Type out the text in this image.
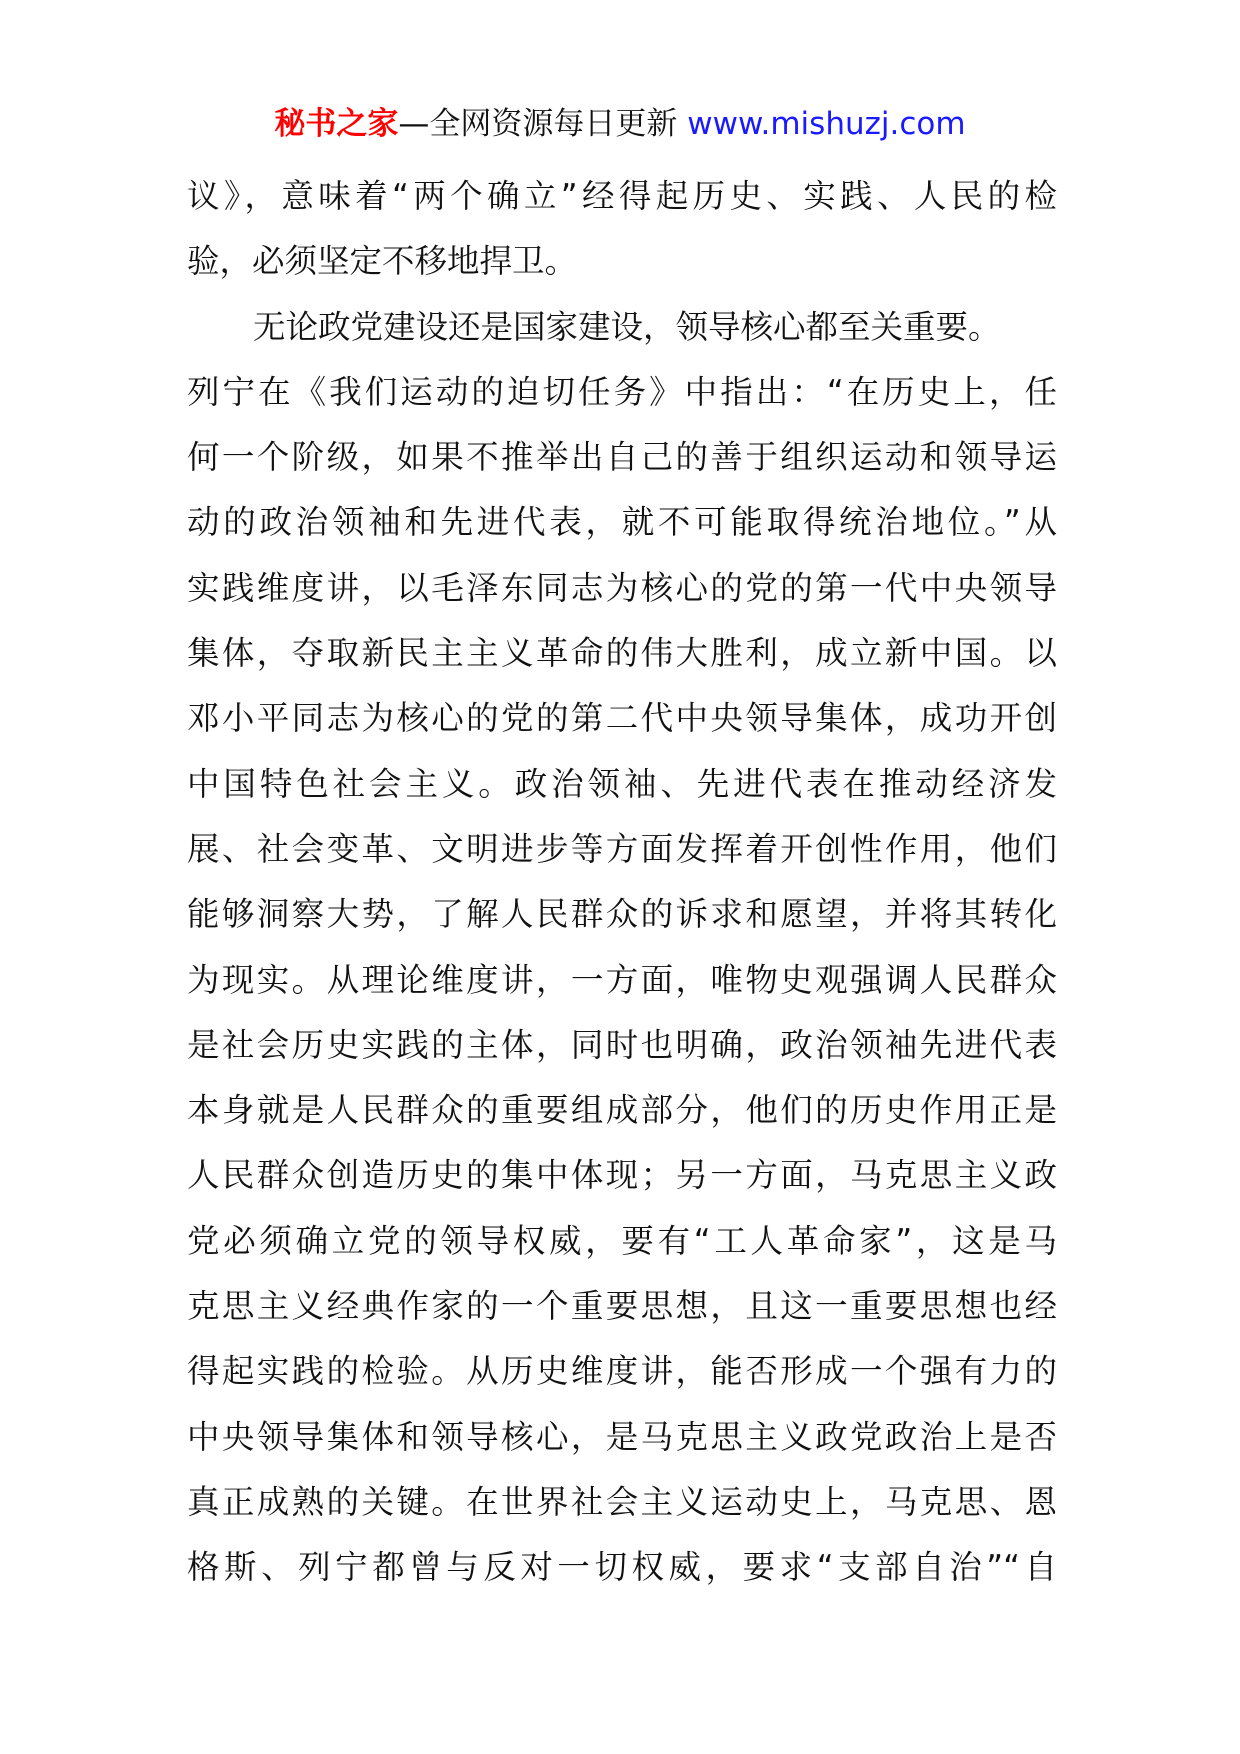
秘书之家—全网资源每日更新 www.mishuzj.com
议》，意味着“两个确立”经得起历史、实践、人民的检
验，必须坚定不移地捍卫。
无论政党建设还是国家建设，领导核心都至关重要。
列宁在《我们运动的迫切任务》中指出：“在历史上，任
何一个阶级，如果不推举出自己的善于组织运动和领导运
动的政治领袖和先进代表，就不可能取得统治地位。”从
实践维度讲，以毛泽东同志为核心的党的第一代中央领导
集体，夺取新民主主义革命的伟大胜利，成立新中国。以
邓小平同志为核心的党的第二代中央领导集体，成功开创
中国特色社会主义。政治领袖、先进代表在推动经济发
展、社会变革、文明进步等方面发挥着开创性作用，他们
能够洞察大势，了解人民群众的诉求和愿望，并将其转化
为现实。从理论维度讲，一方面，唯物史观强调人民群众
是社会历史实践的主体，同时也明确，政治领袖先进代表
本身就是人民群众的重要组成部分，他们的历史作用正是
人民群众创造历史的集中体现；另一方面，马克思主义政
党必须确立党的领导权威，要有“工人革命家”，这是马
克思主义经典作家的一个重要思想，且这一重要思想也经
得起实践的检验。从历史维度讲，能否形成一个强有力的
中央领导集体和领导核心，是马克思主义政党政治上是否
真正成熟的关键。在世界社会主义运动史上，马克思、恩
格斯、列宁都曾与反对一切权威，要求“支部自治”“自
